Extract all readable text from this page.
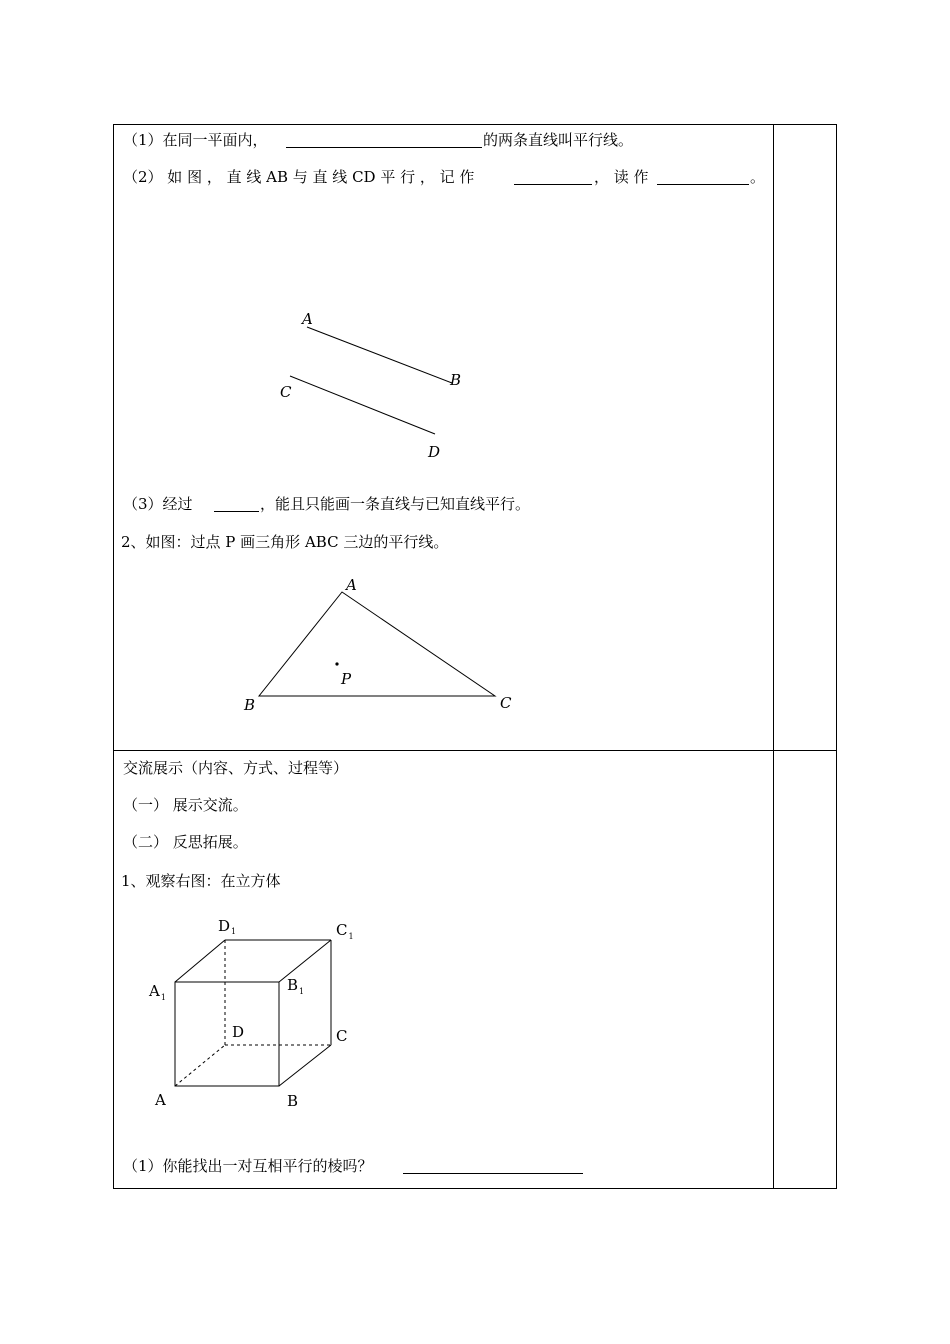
（1）在同一平面内，	的两条直线叫平行线。
（2） 如 图 ， 直 线 AB 与 直 线 CD 平 行 ， 记 作	， 读 作	。
A
B
C
D
（3）经过	，能且只能画一条直线与已知直线平行。
2、如图：过点 P 画三角形 ABC 三边的平行线。
A
B	C
P
交流展示（内容、方式、过程等）
（一） 展示交流。
（二） 反思拓展。
1、观察右图：在立方体
$D_1$	$C_1$
$A_1$
$B_1$
D	C
A	B
（1）你能找出一对互相平行的棱吗？
